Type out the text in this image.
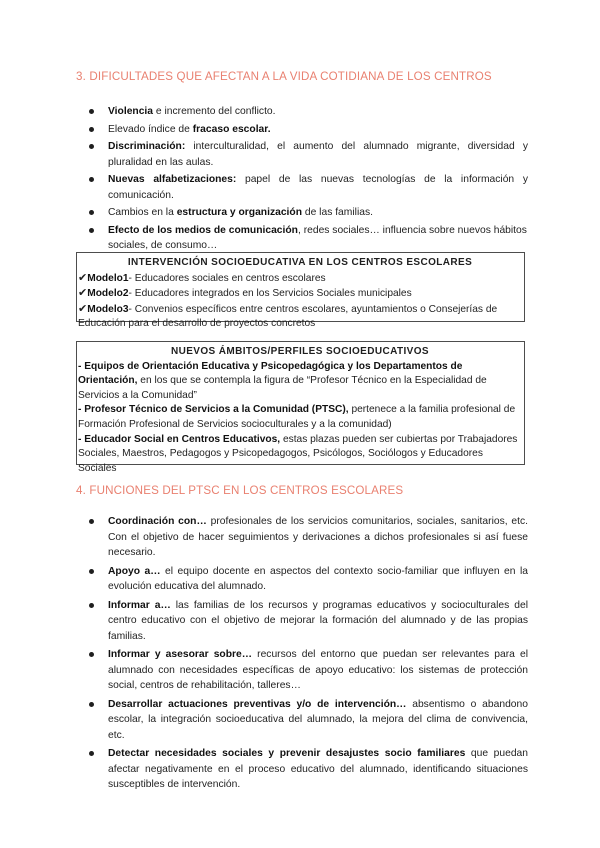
3. DIFICULTADES QUE AFECTAN A LA VIDA COTIDIANA DE LOS CENTROS
Violencia e incremento del conflicto.
Elevado índice de fracaso escolar.
Discriminación: interculturalidad, el aumento del alumnado migrante, diversidad y pluralidad en las aulas.
Nuevas alfabetizaciones: papel de las nuevas tecnologías de la información y comunicación.
Cambios en la estructura y organización de las familias.
Efecto de los medios de comunicación, redes sociales… influencia sobre nuevos hábitos sociales, de consumo…
INTERVENCIÓN SOCIOEDUCATIVA EN LOS CENTROS ESCOLARES
✔Modelo1- Educadores sociales en centros escolares
✔Modelo2- Educadores integrados en los Servicios Sociales municipales
✔Modelo3- Convenios específicos entre centros escolares, ayuntamientos o Consejerías de Educación para el desarrollo de proyectos concretos
NUEVOS ÁMBITOS/PERFILES SOCIOEDUCATIVOS
- Equipos de Orientación Educativa y Psicopedagógica y los Departamentos de Orientación, en los que se contempla la figura de “Profesor Técnico en la Especialidad de Servicios a la Comunidad”
- Profesor Técnico de Servicios a la Comunidad (PTSC), pertenece a la familia profesional de Formación Profesional de Servicios socioculturales y a la comunidad)
- Educador Social en Centros Educativos, estas plazas pueden ser cubiertas por Trabajadores Sociales, Maestros, Pedagogos y Psicopedagogos, Psicólogos, Sociólogos y Educadores Sociales
4. FUNCIONES DEL PTSC EN LOS CENTROS ESCOLARES
Coordinación con… profesionales de los servicios comunitarios, sociales, sanitarios, etc. Con el objetivo de hacer seguimientos y derivaciones a dichos profesionales si así fuese necesario.
Apoyo a… el equipo docente en aspectos del contexto socio-familiar que influyen en la evolución educativa del alumnado.
Informar a… las familias de los recursos y programas educativos y socioculturales del centro educativo con el objetivo de mejorar la formación del alumnado y de las propias familias.
Informar y asesorar sobre… recursos del entorno que puedan ser relevantes para el alumnado con necesidades específicas de apoyo educativo: los sistemas de protección social, centros de rehabilitación, talleres…
Desarrollar actuaciones preventivas y/o de intervención… absentismo o abandono escolar, la integración socioeducativa del alumnado, la mejora del clima de convivencia, etc.
Detectar necesidades sociales y prevenir desajustes socio familiares que puedan afectar negativamente en el proceso educativo del alumnado, identificando situaciones susceptibles de intervención.
